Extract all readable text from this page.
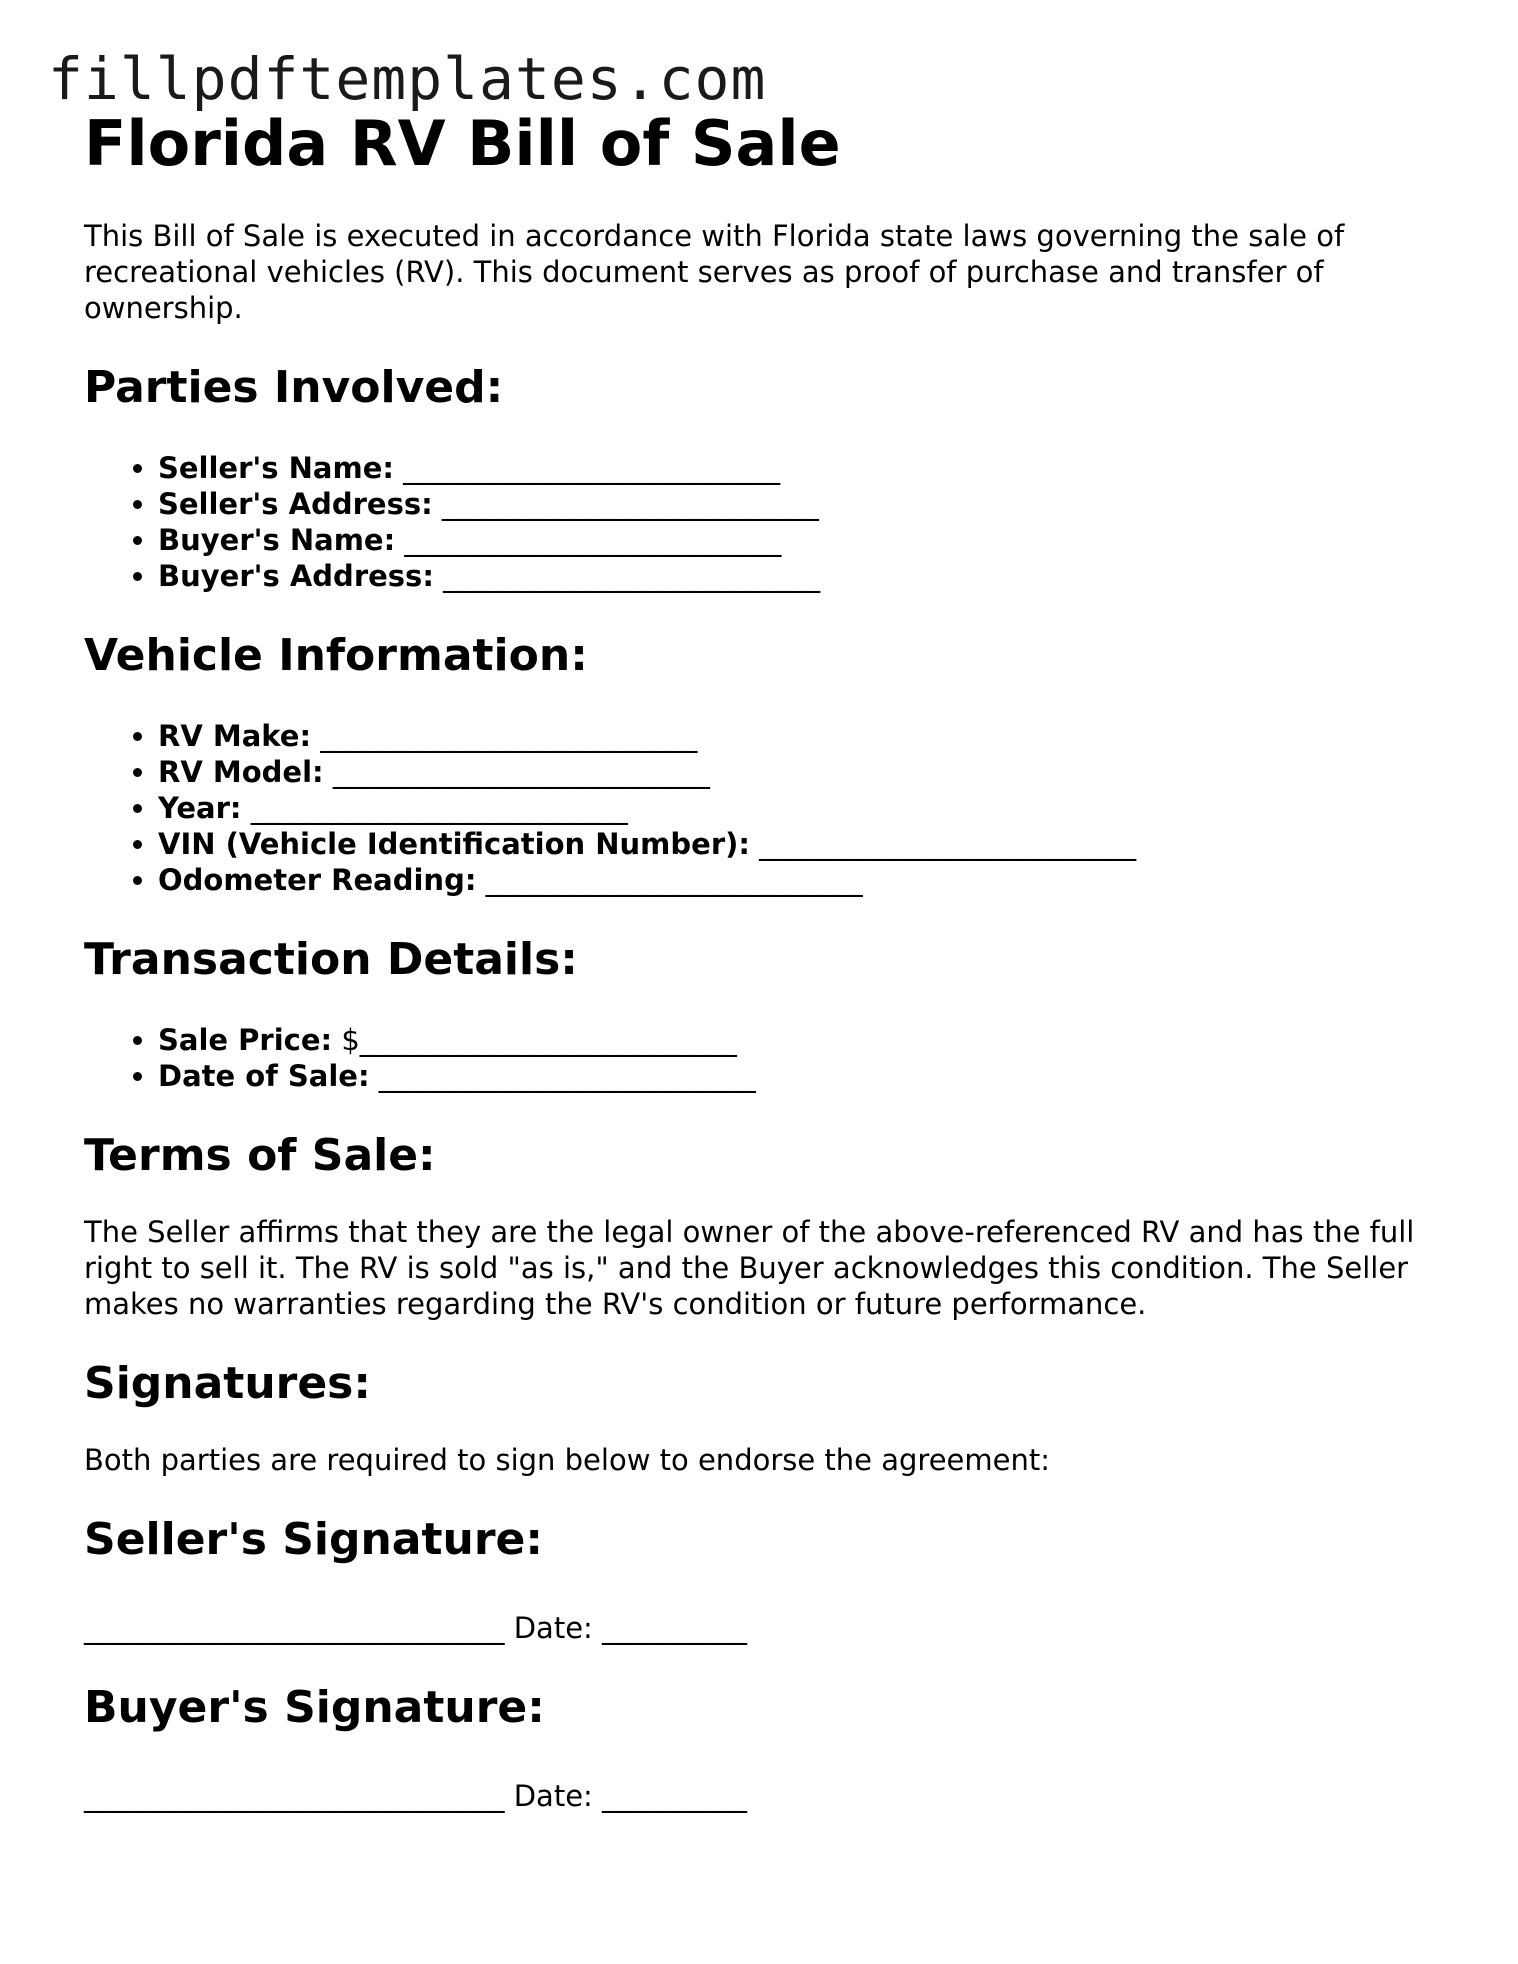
fillpdftemplates.com
Florida RV Bill of Sale

This Bill of Sale is executed in accordance with Florida state laws governing the sale of recreational vehicles (RV). This document serves as proof of purchase and transfer of ownership.

Parties Involved:
• Seller's Name: __________________________
• Seller's Address: __________________________
• Buyer's Name: __________________________
• Buyer's Address: __________________________
Vehicle Information:
• RV Make: __________________________
• RV Model: __________________________
• Year: __________________________
• VIN (Vehicle Identification Number): __________________________
• Odometer Reading: __________________________
Transaction Details:
• Sale Price: $__________________________
• Date of Sale: __________________________
Terms of Sale:

The Seller affirms that they are the legal owner of the above-referenced RV and has the full right to sell it. The RV is sold "as is," and the Buyer acknowledges this condition. The Seller makes no warranties regarding the RV's condition or future performance.

Signatures:

Both parties are required to sign below to endorse the agreement:

Seller's Signature:

_____________________________ Date: __________

Buyer's Signature:

_____________________________ Date: __________
